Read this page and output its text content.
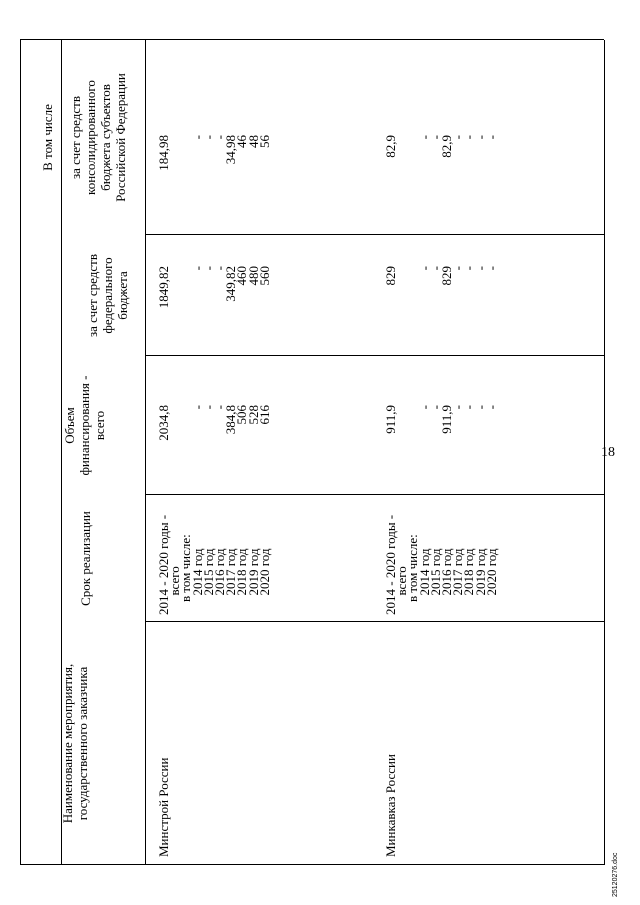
18
Наименование мероприятия,
государственного заказчика
Срок реализации
Объем
финансирования -
всего
В том числе
за счет средств
федерального
бюджета
за счет средств
консолидированного
бюджета субъектов
Российской Федерации
Минстрой России
2014 - 2020 годы -
всего
в том числе:
2014 год
2015 год
2016 год
2017 год
2018 год
2019 год
2020 год
2034,8

-
-
-
384,8
506
528
616
1849,82

-
-
-
349,82
460
480
560
184,98

-
-
-
34,98
46
48
56
Минкавказ России
2014 - 2020 годы -
всего
в том числе:
2014 год
2015 год
2016 год
2017 год
2018 год
2019 год
2020 год
911,9

-
-
911,9
-
-
-
-
829

-
-
829
-
-
-
-
82,9

-
-
82,9
-
-
-
-
25120276.doc
